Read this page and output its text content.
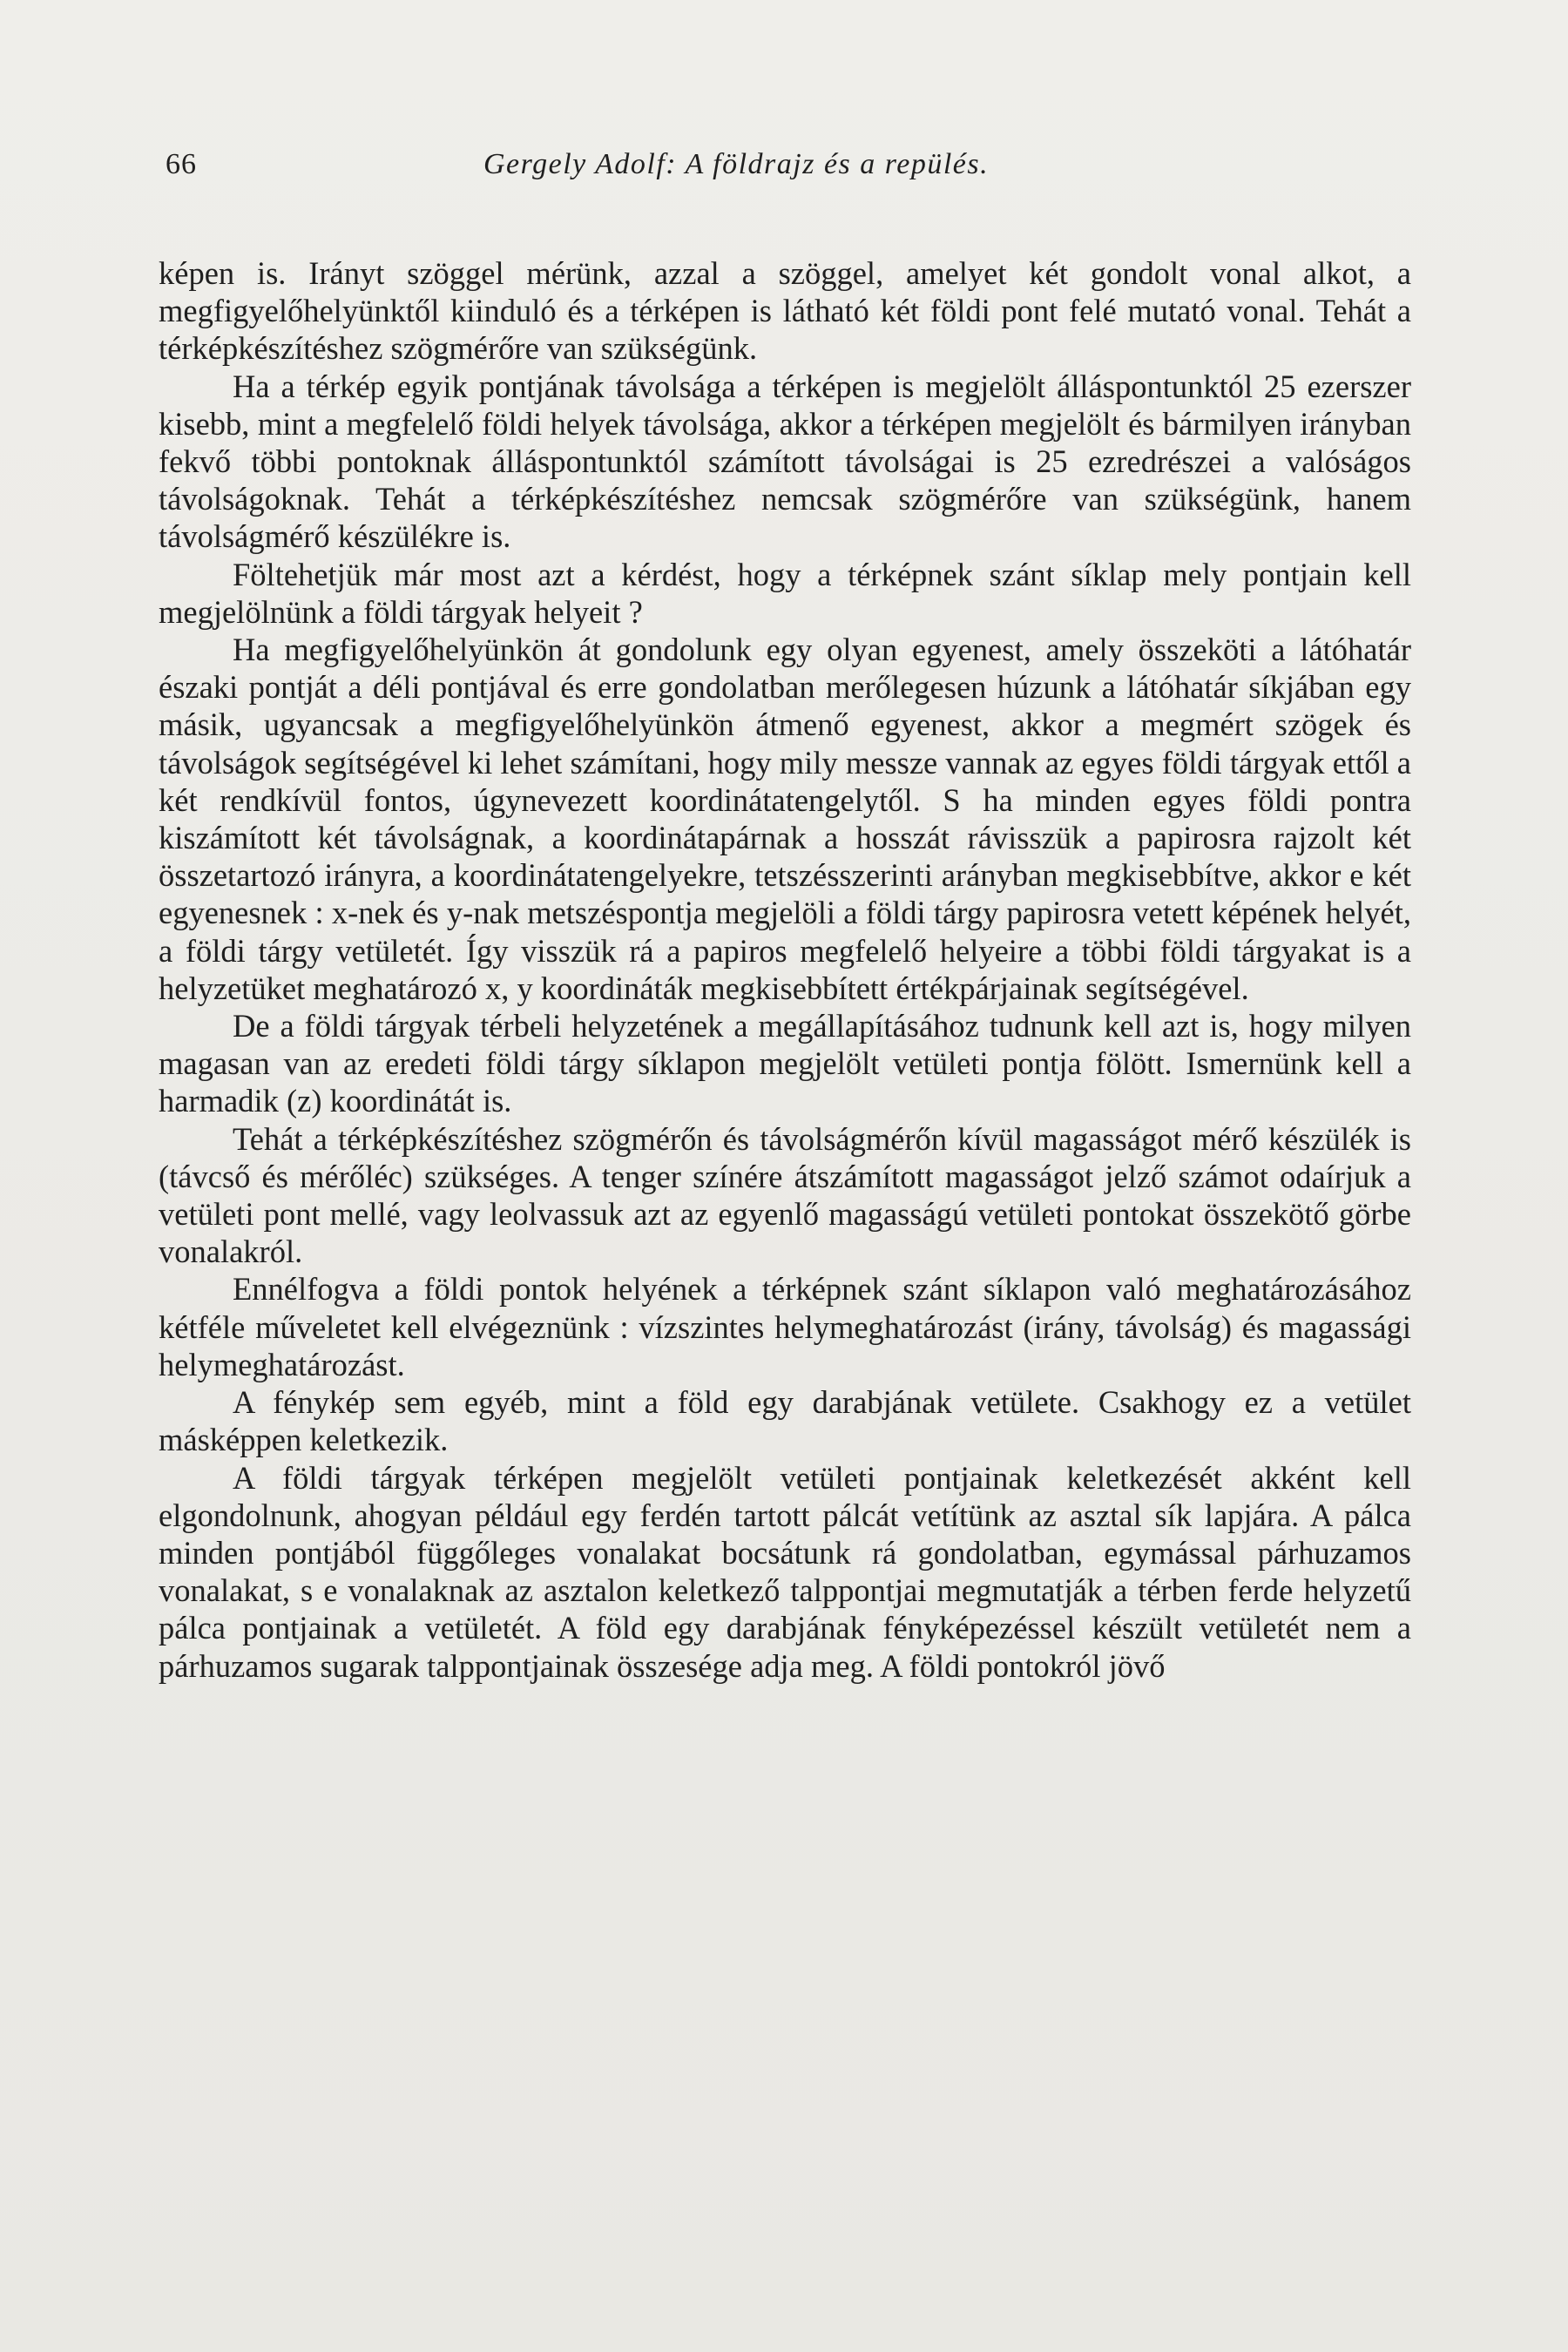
66	Gergely Adolf: A földrajz és a repülés.

képen is. Irányt szöggel mérünk, azzal a szöggel, amelyet két gondolt vonal alkot, a megfigyelőhelyünktől kiinduló és a térképen is látható két földi pont felé mutató vonal. Tehát a térképkészítéshez szögmérőre van szükségünk.

Ha a térkép egyik pontjának távolsága a térképen is megjelölt álláspontunktól 25 ezerszer kisebb, mint a megfelelő földi helyek távolsága, akkor a térképen megjelölt és bármilyen irányban fekvő többi pontoknak álláspontunktól számított távolságai is 25 ezredrészei a valóságos távolságoknak. Tehát a térképkészítéshez nemcsak szögmérőre van szükségünk, hanem távolságmérő készülékre is.

Föltehetjük már most azt a kérdést, hogy a térképnek szánt síklap mely pontjain kell megjelölnünk a földi tárgyak helyeit ?

Ha megfigyelőhelyünkön át gondolunk egy olyan egyenest, amely összeköti a látóhatár északi pontját a déli pontjával és erre gondolatban merőlegesen húzunk a látóhatár síkjában egy másik, ugyancsak a megfigyelőhelyünkön átmenő egyenest, akkor a megmért szögek és távolságok segítségével ki lehet számítani, hogy mily messze vannak az egyes földi tárgyak ettől a két rendkívül fontos, úgynevezett koordinátatengelytől. S ha minden egyes földi pontra kiszámított két távolságnak, a koordinátapárnak a hosszát rávisszük a papirosra rajzolt két összetartozó irányra, a koordinátatengelyekre, tetszésszerinti arányban megkisebbítve, akkor e két egyenesnek : x-nek és y-nak metszéspontja megjelöli a földi tárgy papirosra vetett képének helyét, a földi tárgy vetületét. Így visszük rá a papiros megfelelő helyeire a többi földi tárgyakat is a helyzetüket meghatározó x, y koordináták megkisebbített értékpárjainak segítségével.

De a földi tárgyak térbeli helyzetének a megállapításához tudnunk kell azt is, hogy milyen magasan van az eredeti földi tárgy síklapon megjelölt vetületi pontja fölött. Ismernünk kell a harmadik (z) koordinátát is.

Tehát a térképkészítéshez szögmérőn és távolságmérőn kívül magasságot mérő készülék is (távcső és mérőléc) szükséges. A tenger színére átszámított magasságot jelző számot odaírjuk a vetületi pont mellé, vagy leolvassuk azt az egyenlő magasságú vetületi pontokat összekötő görbe vonalakról.

Ennélfogva a földi pontok helyének a térképnek szánt síklapon való meghatározásához kétféle műveletet kell elvégeznünk : vízszintes helymeghatározást (irány, távolság) és magassági helymeghatározást.

A fénykép sem egyéb, mint a föld egy darabjának vetülete. Csakhogy ez a vetület másképpen keletkezik.

A földi tárgyak térképen megjelölt vetületi pontjainak keletkezését akként kell elgondolnunk, ahogyan például egy ferdén tartott pálcát vetítünk az asztal sík lapjára. A pálca minden pontjából függőleges vonalakat bocsátunk rá gondolatban, egymással párhuzamos vonalakat, s e vonalaknak az asztalon keletkező talppontjai megmutatják a térben ferde helyzetű pálca pontjainak a vetületét. A föld egy darabjának fényképezéssel készült vetületét nem a párhuzamos sugarak talppontjainak összesége adja meg. A földi pontokról jövő
